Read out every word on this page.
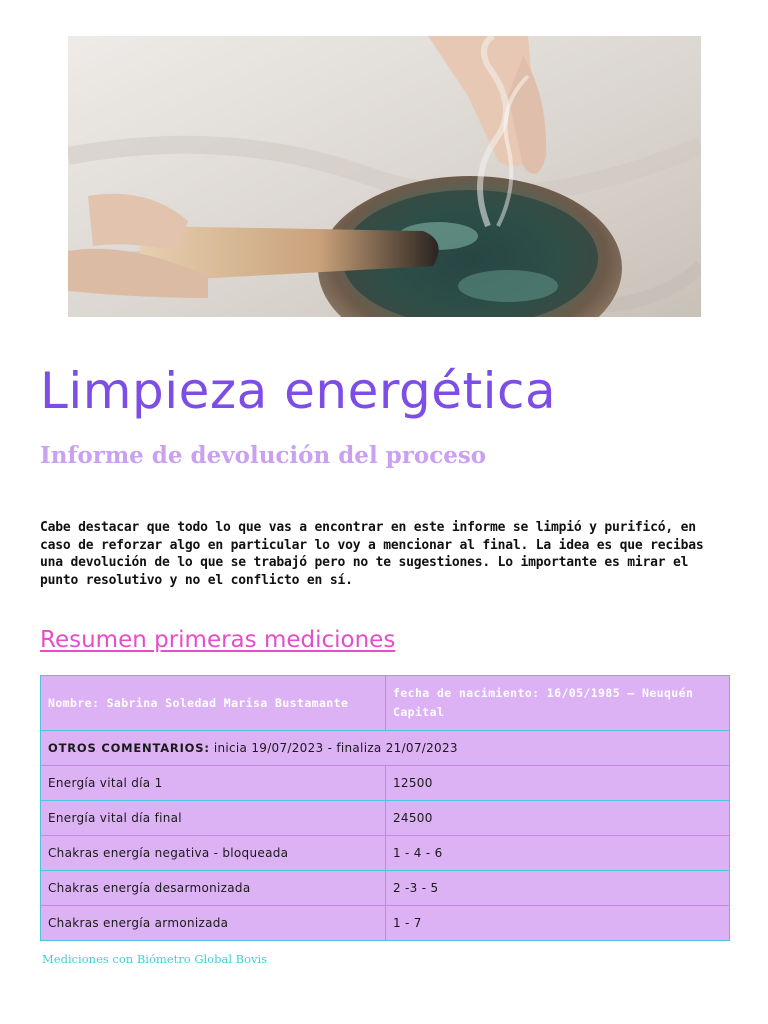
Limpieza energética
Informe de devolución del proceso
Cabe destacar que todo lo que vas a encontrar en este informe se limpió y purificó, en caso de reforzar algo en particular lo voy a mencionar al final. La idea es que recibas una devolución de lo que se trabajó pero no te sugestiones. Lo importante es mirar el punto resolutivo y no el conflicto en sí.
Resumen primeras mediciones
Nombre: Sabrina Soledad Marisa Bustamante	fecha de nacimiento: 16/05/1985 – Neuquén Capital
OTROS COMENTARIOS: inicia 19/07/2023 - finaliza 21/07/2023	
Energía vital día 1	12500
Energía vital día final	24500
Chakras energía negativa - bloqueada	1 - 4 - 6
Chakras energía desarmonizada	2 -3 - 5
Chakras energía armonizada	1 - 7
Mediciones con Biómetro Global Bovis
